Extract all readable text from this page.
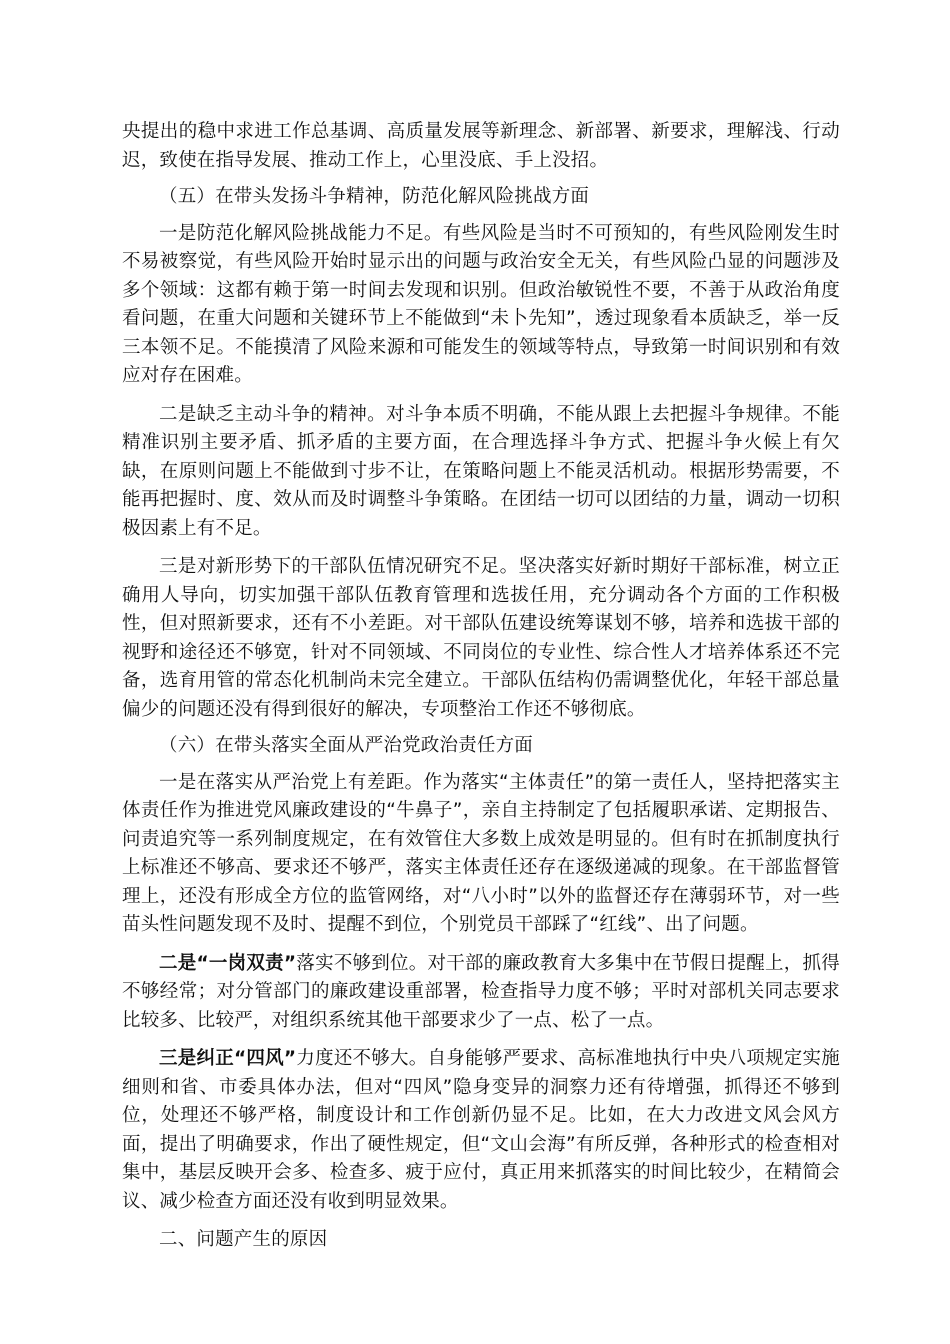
央提出的稳中求进工作总基调、高质量发展等新理念、新部署、新要求，理解浅、行动迟，致使在指导发展、推动工作上，心里没底、手上没招。

（五）在带头发扬斗争精神，防范化解风险挑战方面

一是防范化解风险挑战能力不足。有些风险是当时不可预知的，有些风险刚发生时不易被察觉，有些风险开始时显示出的问题与政治安全无关，有些风险凸显的问题涉及多个领域：这都有赖于第一时间去发现和识别。但政治敏锐性不要，不善于从政治角度看问题，在重大问题和关键环节上不能做到“未卜先知”，透过现象看本质缺乏，举一反三本领不足。不能摸清了风险来源和可能发生的领域等特点，导致第一时间识别和有效应对存在困难。

二是缺乏主动斗争的精神。对斗争本质不明确，不能从跟上去把握斗争规律。不能精准识别主要矛盾、抓矛盾的主要方面，在合理选择斗争方式、把握斗争火候上有欠缺，在原则问题上不能做到寸步不让，在策略问题上不能灵活机动。根据形势需要，不能再把握时、度、效从而及时调整斗争策略。在团结一切可以团结的力量，调动一切积极因素上有不足。

三是对新形势下的干部队伍情况研究不足。坚决落实好新时期好干部标准，树立正确用人导向，切实加强干部队伍教育管理和选拔任用，充分调动各个方面的工作积极性，但对照新要求，还有不小差距。对干部队伍建设统筹谋划不够，培养和选拔干部的视野和途径还不够宽，针对不同领域、不同岗位的专业性、综合性人才培养体系还不完备，选育用管的常态化机制尚未完全建立。干部队伍结构仍需调整优化，年轻干部总量偏少的问题还没有得到很好的解决，专项整治工作还不够彻底。

（六）在带头落实全面从严治党政治责任方面

一是在落实从严治党上有差距。作为落实“主体责任”的第一责任人，坚持把落实主体责任作为推进党风廉政建设的“牛鼻子”，亲自主持制定了包括履职承诺、定期报告、问责追究等一系列制度规定，在有效管住大多数上成效是明显的。但有时在抓制度执行上标准还不够高、要求还不够严，落实主体责任还存在逐级递减的现象。在干部监督管理上，还没有形成全方位的监管网络，对“八小时”以外的监督还存在薄弱环节，对一些苗头性问题发现不及时、提醒不到位，个别党员干部踩了“红线”、出了问题。

二是“一岗双责”落实不够到位。对干部的廉政教育大多集中在节假日提醒上，抓得不够经常；对分管部门的廉政建设重部署，检查指导力度不够；平时对部机关同志要求比较多、比较严，对组织系统其他干部要求少了一点、松了一点。

三是纠正“四风”力度还不够大。自身能够严要求、高标准地执行中央八项规定实施细则和省、市委具体办法，但对“四风”隐身变异的洞察力还有待增强，抓得还不够到位，处理还不够严格，制度设计和工作创新仍显不足。比如，在大力改进文风会风方面，提出了明确要求，作出了硬性规定，但“文山会海”有所反弹，各种形式的检查相对集中，基层反映开会多、检查多、疲于应付，真正用来抓落实的时间比较少，在精简会议、减少检查方面还没有收到明显效果。

二、问题产生的原因
